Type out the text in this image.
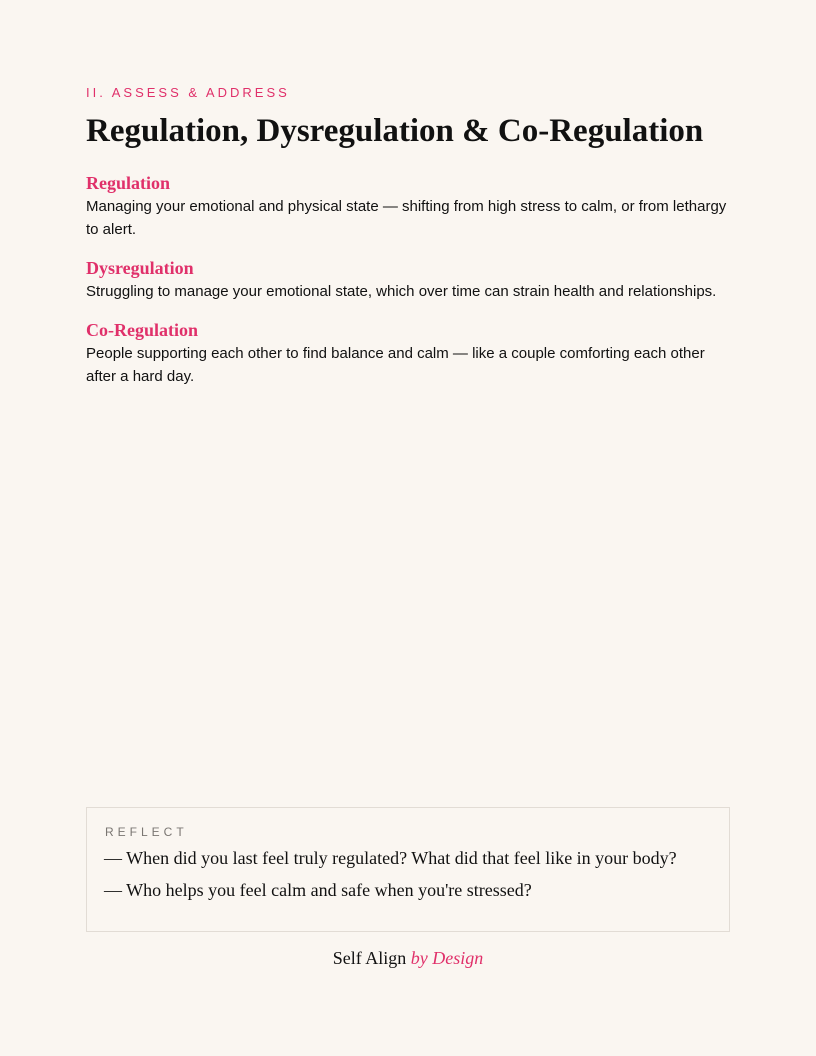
II. ASSESS & ADDRESS
Regulation, Dysregulation & Co-Regulation

Regulation

Managing your emotional and physical state — shifting from high stress to calm, or from lethargy to alert.

Dysregulation

Struggling to manage your emotional state, which over time can strain health and relationships.

Co-Regulation

People supporting each other to find balance and calm — like a couple comforting each other after a hard day.

REFLECT
— When did you last feel truly regulated? What did that feel like in your body?
— Who helps you feel calm and safe when you're stressed?
Self Align by Design
